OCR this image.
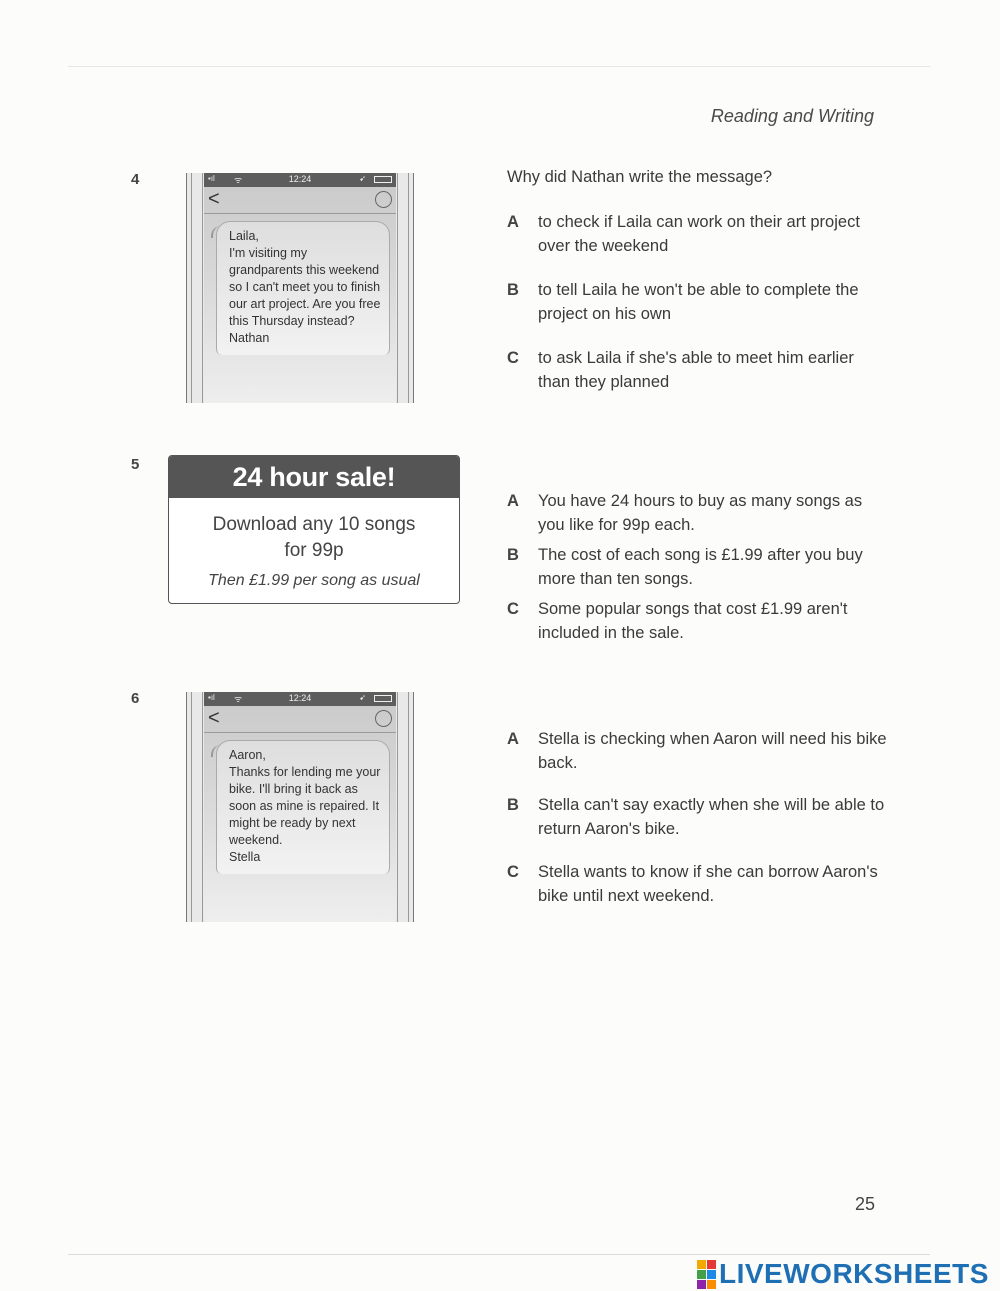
Reading and Writing
4	▪ıl ᯤ	12:24	➹
<
Laila,
I'm visiting my grandparents this weekend so I can't meet you to finish our art project. Are you free this Thursday instead?
Nathan
Why did Nathan write the message?
A to check if Laila can work on their art project over the weekend
B to tell Laila he won't be able to complete the project on his own
C to ask Laila if she's able to meet him earlier than they planned
5	24 hour sale!
Download any 10 songs for 99p
Then £1.99 per song as usual
A You have 24 hours to buy as many songs as you like for 99p each.
B The cost of each song is £1.99 after you buy more than ten songs.
C Some popular songs that cost £1.99 aren't included in the sale.
6	▪ıl ᯤ	12:24	➹
<
Aaron,
Thanks for lending me your bike. I'll bring it back as soon as mine is repaired. It might be ready by next weekend.
Stella
A Stella is checking when Aaron will need his bike back.
B Stella can't say exactly when she will be able to return Aaron's bike.
C Stella wants to know if she can borrow Aaron's bike until next weekend.
25
LIVEWORKSHEETS
